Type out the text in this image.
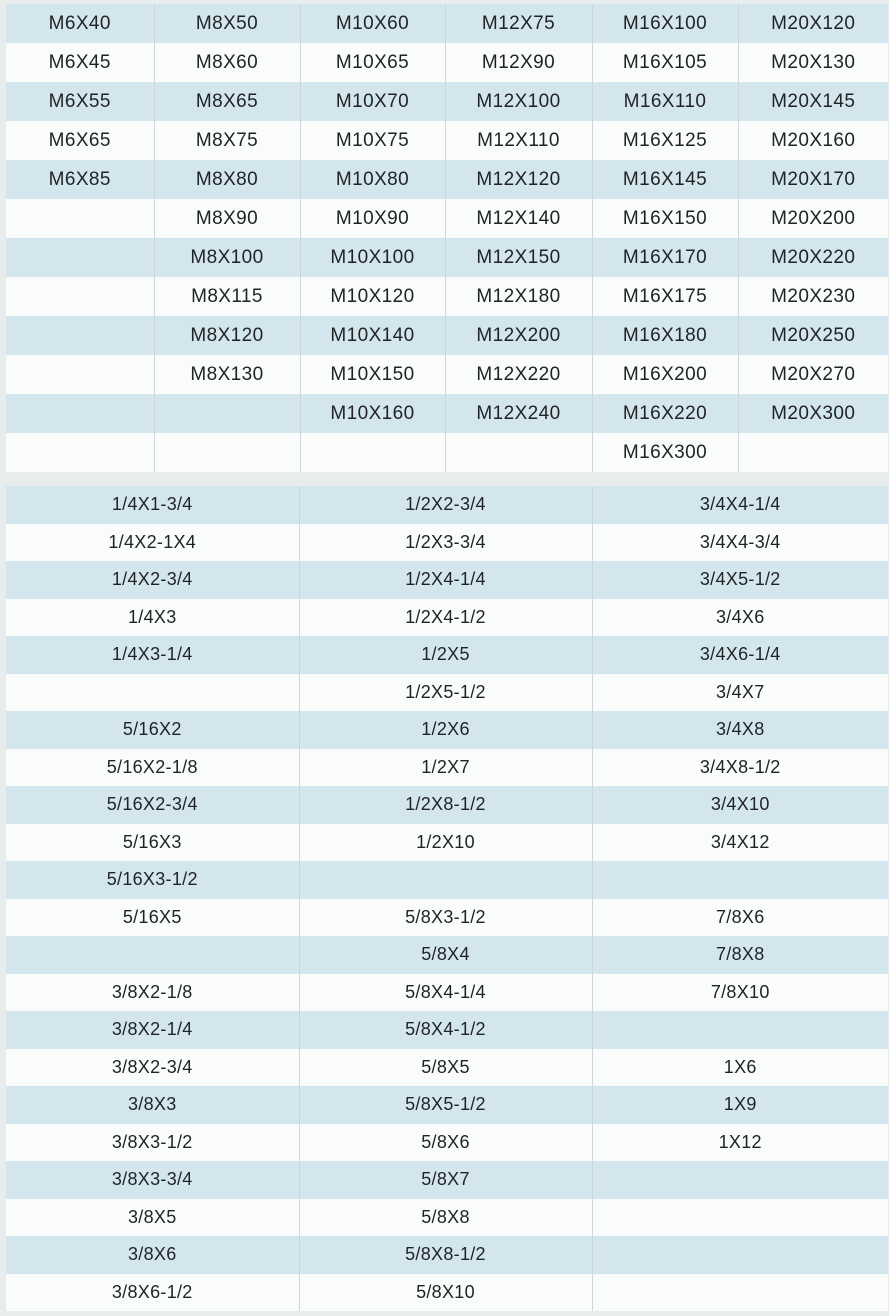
M6X40	M8X50	M10X60	M12X75	M16X100	M20X120
M6X45	M8X60	M10X65	M12X90	M16X105	M20X130
M6X55	M8X65	M10X70	M12X100	M16X110	M20X145
M6X65	M8X75	M10X75	M12X110	M16X125	M20X160
M6X85	M8X80	M10X80	M12X120	M16X145	M20X170
	M8X90	M10X90	M12X140	M16X150	M20X200
	M8X100	M10X100	M12X150	M16X170	M20X220
	M8X115	M10X120	M12X180	M16X175	M20X230
	M8X120	M10X140	M12X200	M16X180	M20X250
	M8X130	M10X150	M12X220	M16X200	M20X270
		M10X160	M12X240	M16X220	M20X300
				M16X300	
1/4X1-3/4	1/2X2-3/4	3/4X4-1/4
1/4X2-1X4	1/2X3-3/4	3/4X4-3/4
1/4X2-3/4	1/2X4-1/4	3/4X5-1/2
1/4X3	1/2X4-1/2	3/4X6
1/4X3-1/4	1/2X5	3/4X6-1/4
	1/2X5-1/2	3/4X7
5/16X2	1/2X6	3/4X8
5/16X2-1/8	1/2X7	3/4X8-1/2
5/16X2-3/4	1/2X8-1/2	3/4X10
5/16X3	1/2X10	3/4X12
5/16X3-1/2		
5/16X5	5/8X3-1/2	7/8X6
	5/8X4	7/8X8
3/8X2-1/8	5/8X4-1/4	7/8X10
3/8X2-1/4	5/8X4-1/2	
3/8X2-3/4	5/8X5	1X6
3/8X3	5/8X5-1/2	1X9
3/8X3-1/2	5/8X6	1X12
3/8X3-3/4	5/8X7	
3/8X5	5/8X8	
3/8X6	5/8X8-1/2	
3/8X6-1/2	5/8X10	
